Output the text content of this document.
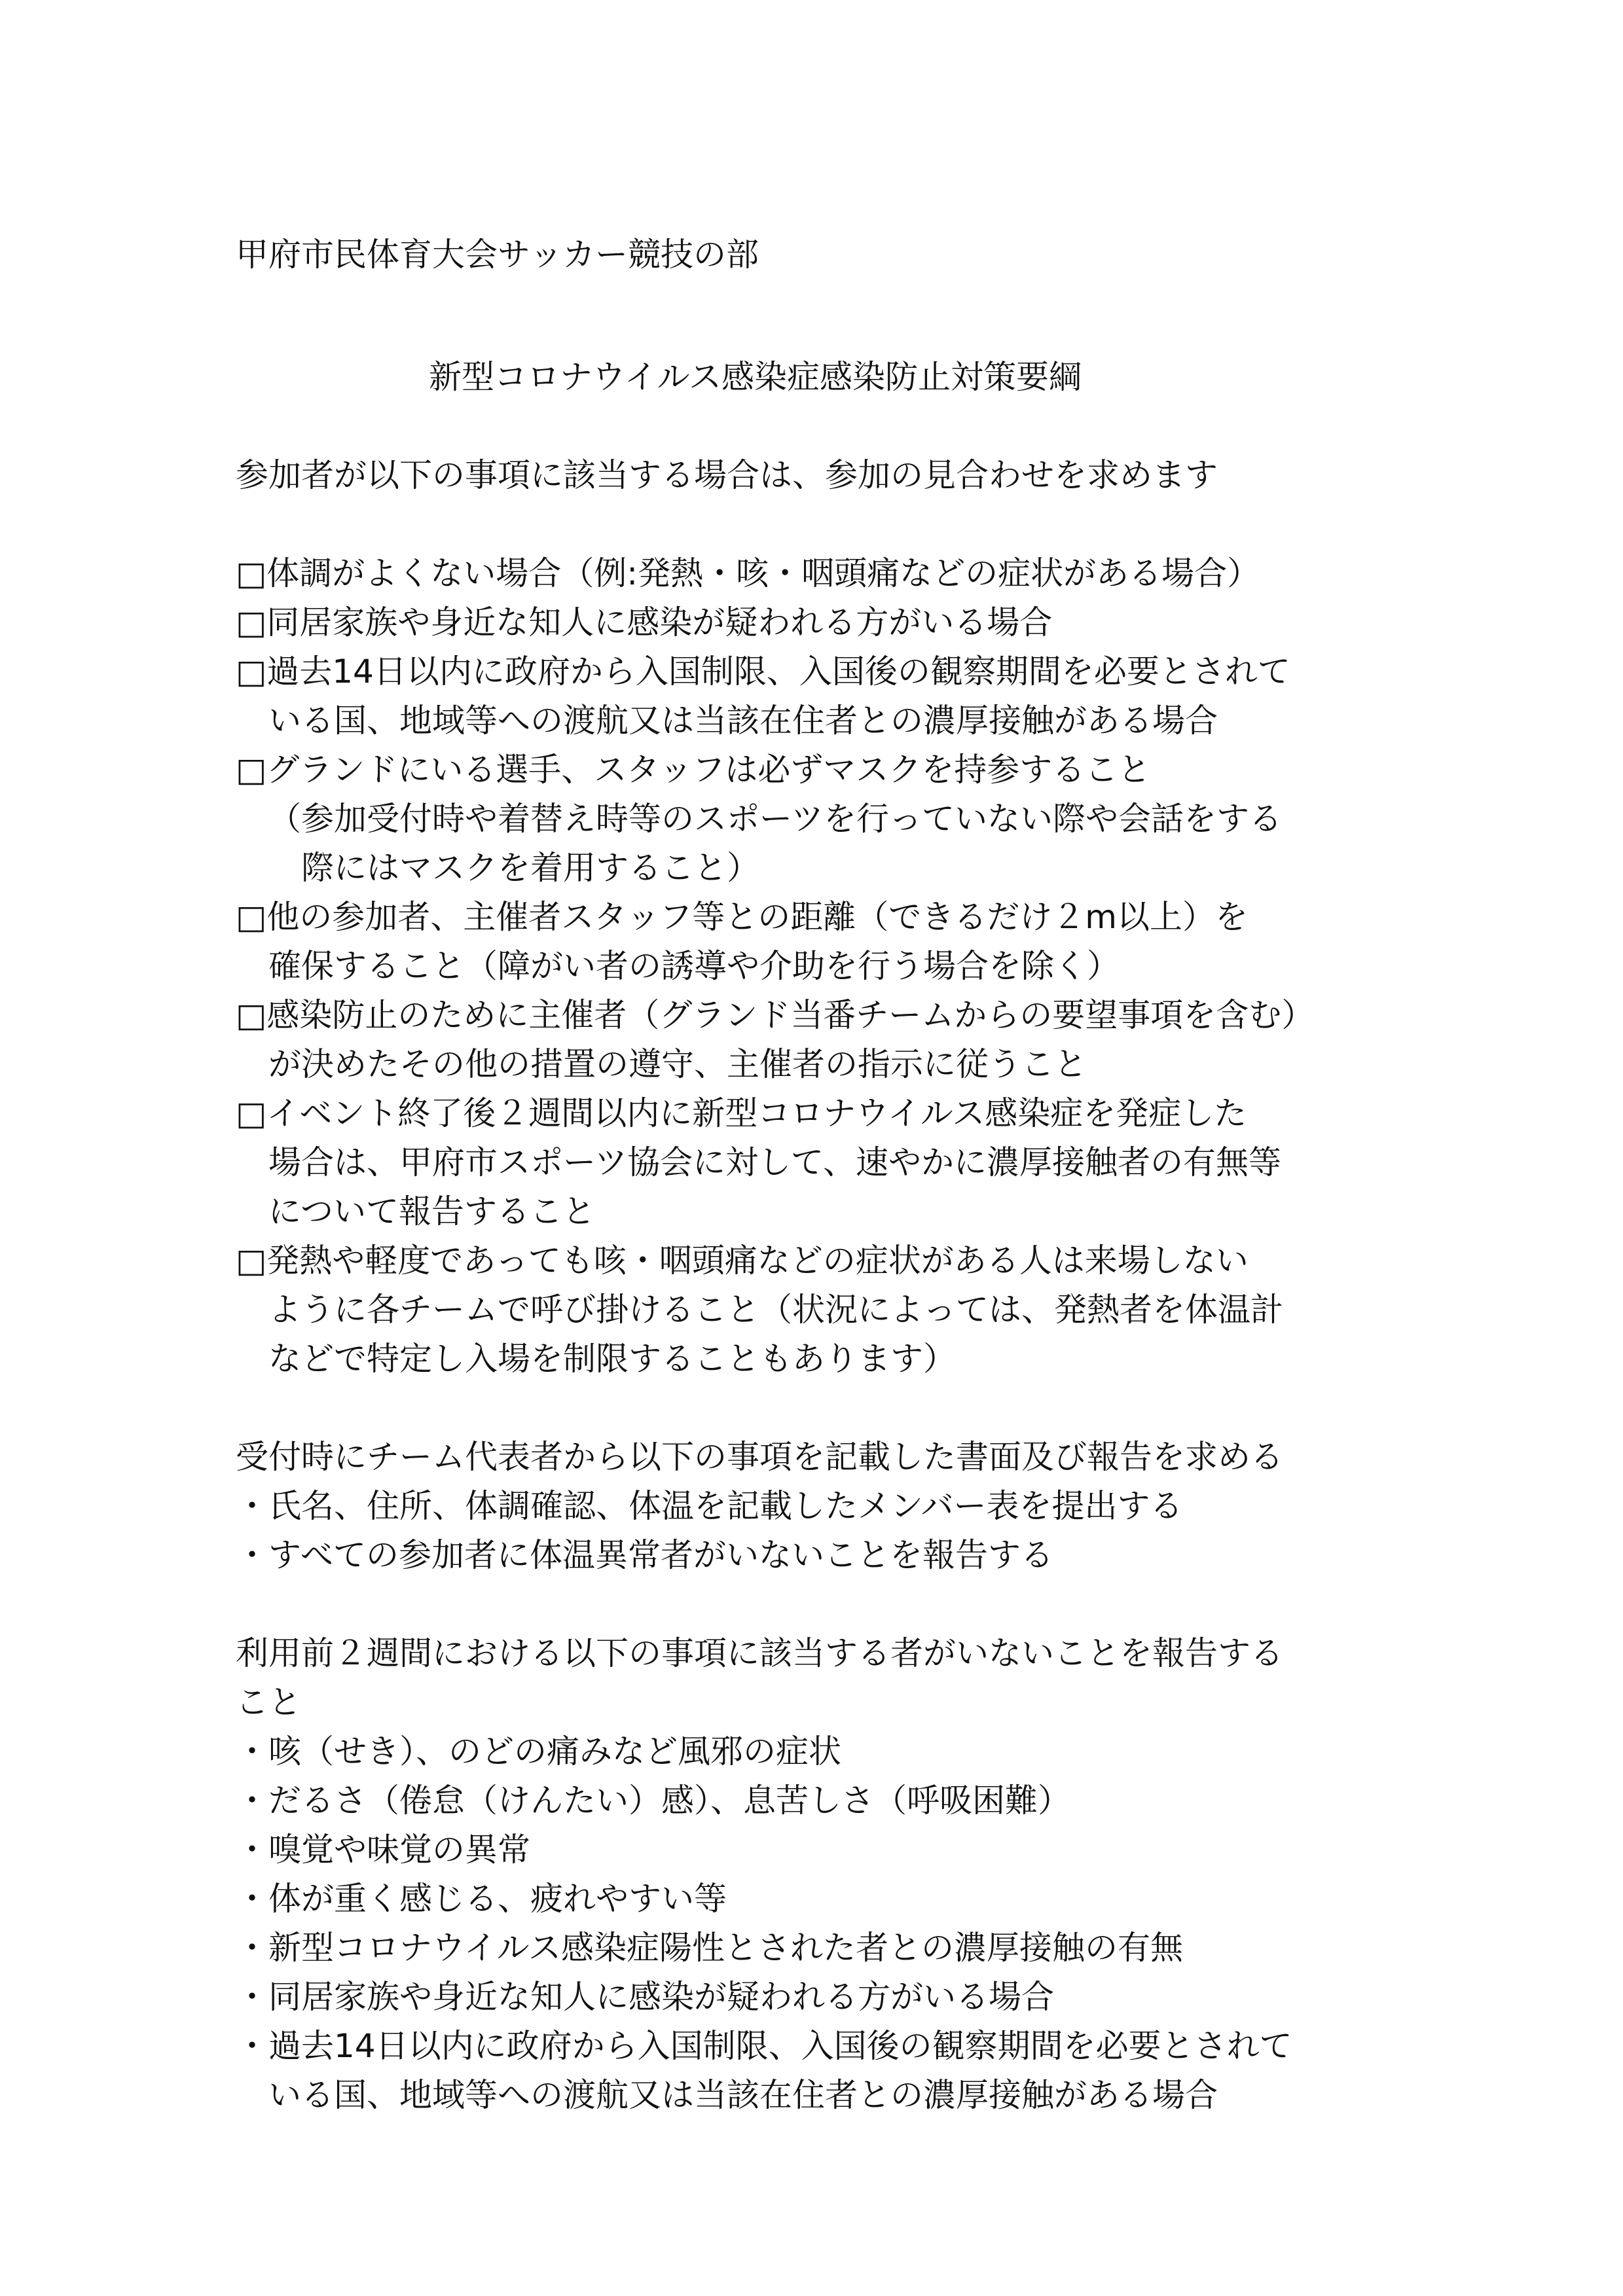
甲府市民体育大会サッカー競技の部
新型コロナウイルス感染症感染防止対策要綱
参加者が以下の事項に該当する場合は、参加の見合わせを求めます
□体調がよくない場合（例:発熱・咳・咽頭痛などの症状がある場合）
□同居家族や身近な知人に感染が疑われる方がいる場合
□過去14日以内に政府から入国制限、入国後の観察期間を必要とされて
いる国、地域等への渡航又は当該在住者との濃厚接触がある場合
□グランドにいる選手、スタッフは必ずマスクを持参すること
（参加受付時や着替え時等のスポーツを行っていない際や会話をする
際にはマスクを着用すること）
□他の参加者、主催者スタッフ等との距離（できるだけ２m以上）を
確保すること（障がい者の誘導や介助を行う場合を除く）
□感染防止のために主催者（グランド当番チームからの要望事項を含む）
が決めたその他の措置の遵守、主催者の指示に従うこと
□イベント終了後２週間以内に新型コロナウイルス感染症を発症した
場合は、甲府市スポーツ協会に対して、速やかに濃厚接触者の有無等
について報告すること
□発熱や軽度であっても咳・咽頭痛などの症状がある人は来場しない
ように各チームで呼び掛けること（状況によっては、発熱者を体温計
などで特定し入場を制限することもあります）
受付時にチーム代表者から以下の事項を記載した書面及び報告を求める
・氏名、住所、体調確認、体温を記載したメンバー表を提出する
・すべての参加者に体温異常者がいないことを報告する
利用前２週間における以下の事項に該当する者がいないことを報告する
こと
・咳（せき）、のどの痛みなど風邪の症状
・だるさ（倦怠（けんたい）感）、息苦しさ（呼吸困難）
・嗅覚や味覚の異常
・体が重く感じる、疲れやすい等
・新型コロナウイルス感染症陽性とされた者との濃厚接触の有無
・同居家族や身近な知人に感染が疑われる方がいる場合
・過去14日以内に政府から入国制限、入国後の観察期間を必要とされて
いる国、地域等への渡航又は当該在住者との濃厚接触がある場合
